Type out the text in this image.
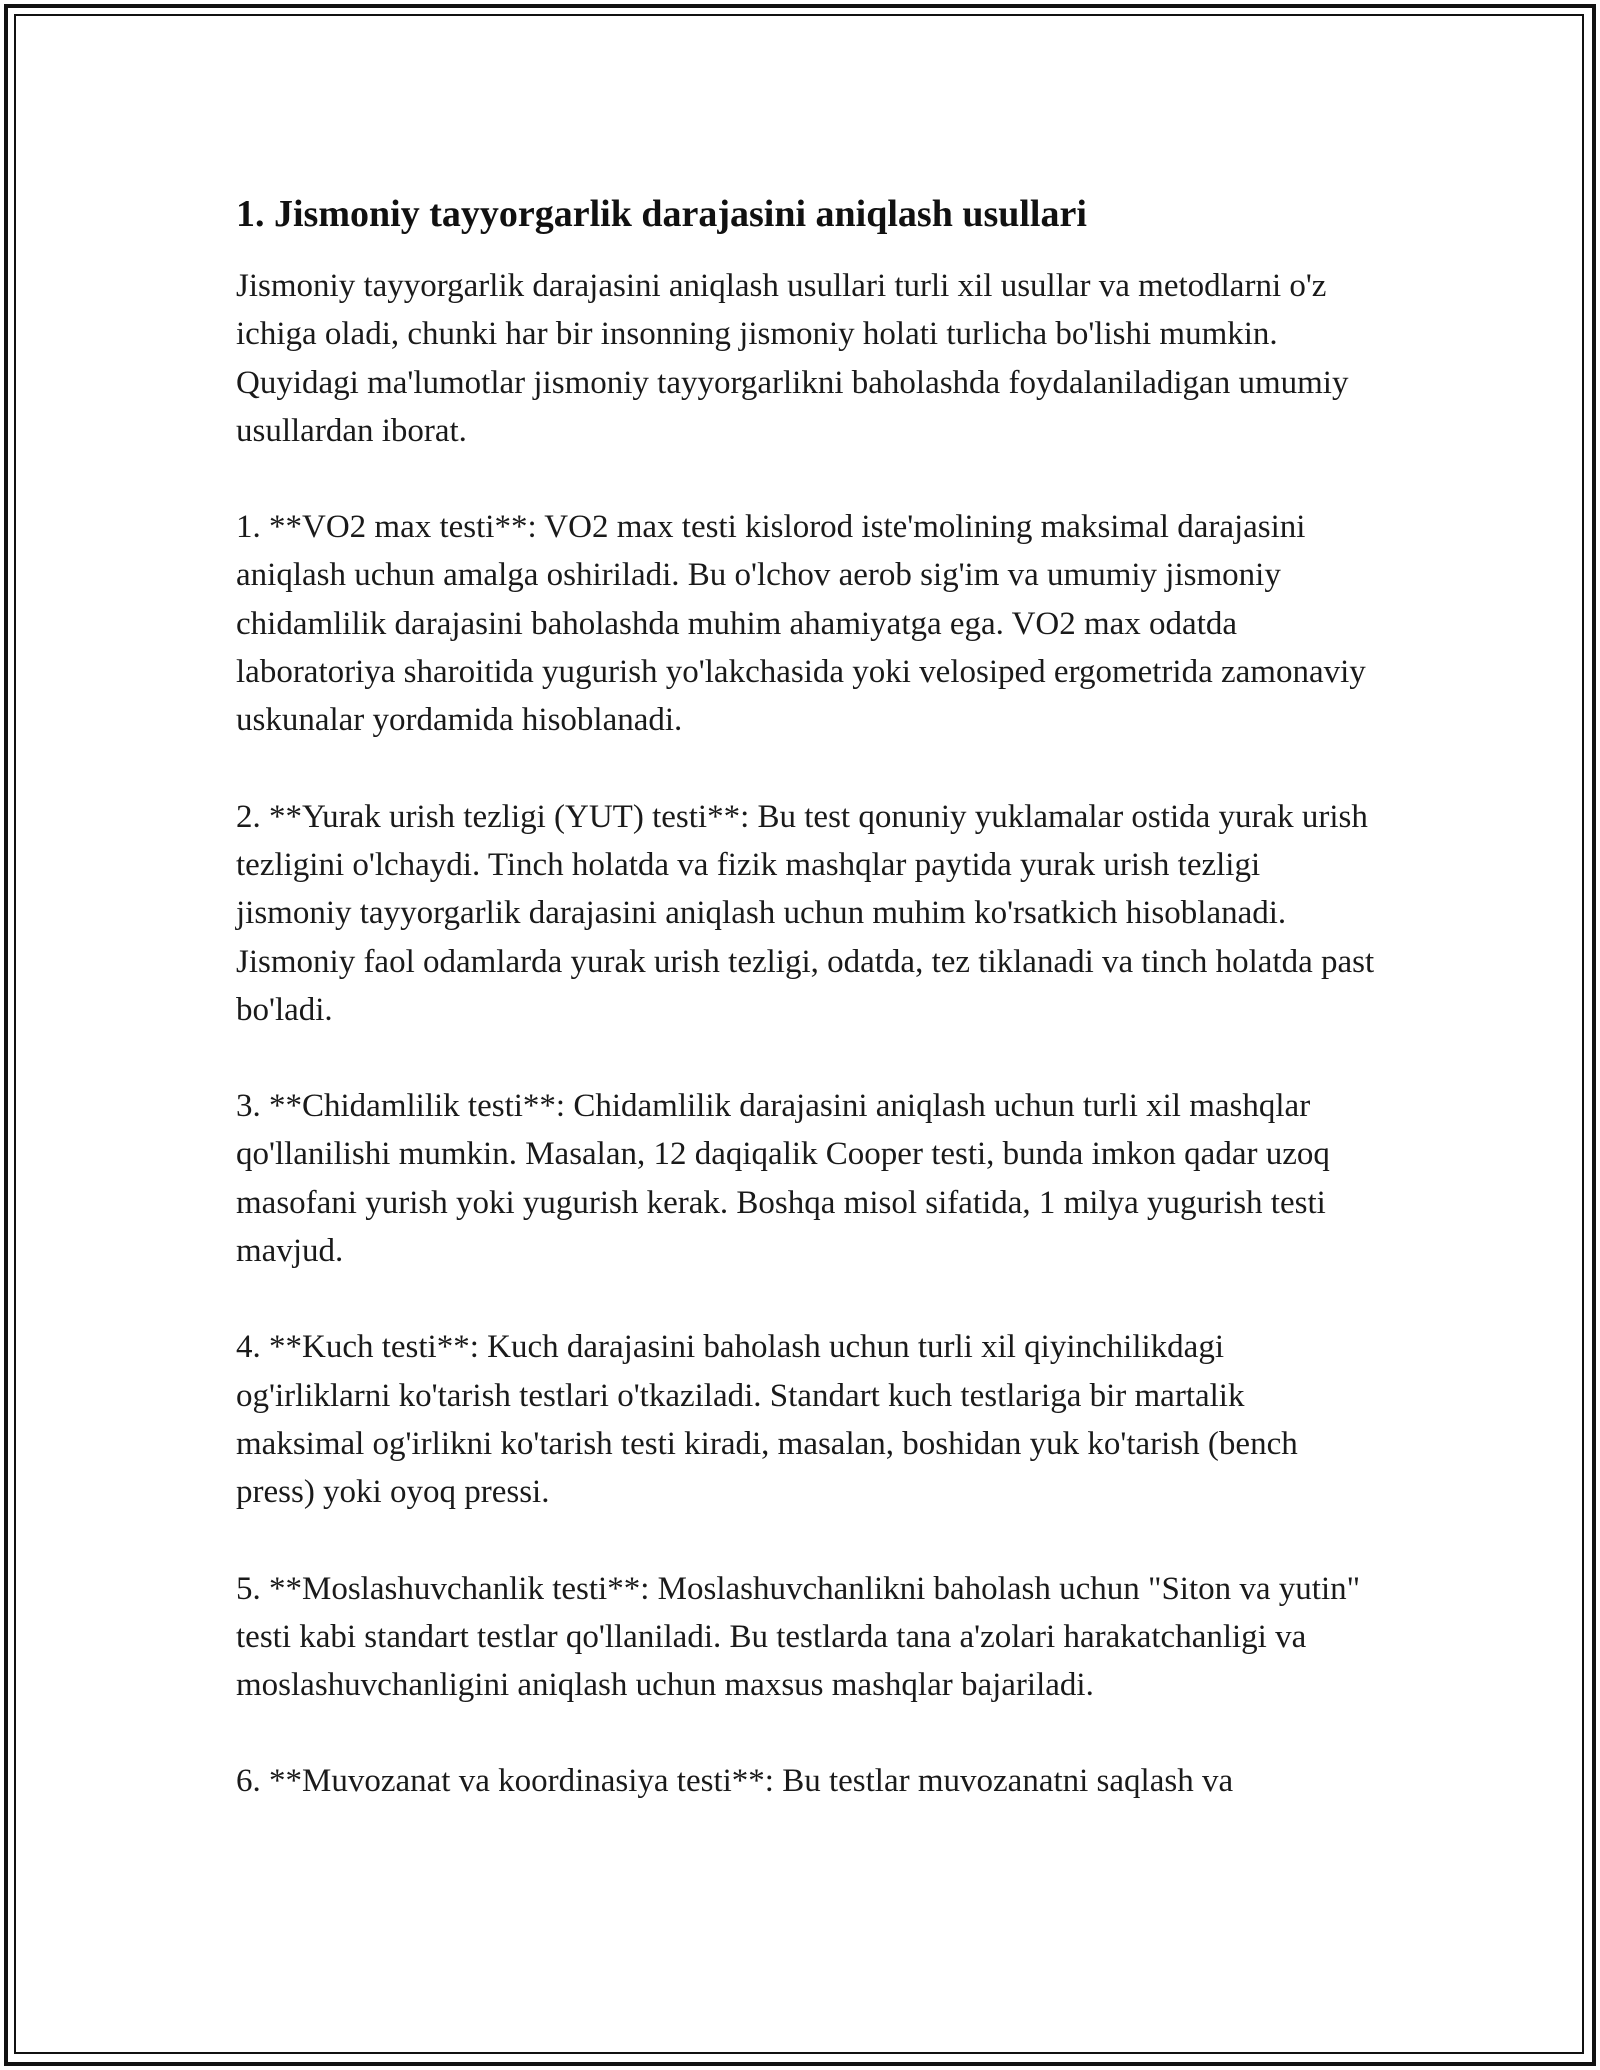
1. Jismoniy tayyorgarlik darajasini aniqlash usullari

Jismoniy tayyorgarlik darajasini aniqlash usullari turli xil usullar va metodlarni o'z ichiga oladi, chunki har bir insonning jismoniy holati turlicha bo'lishi mumkin. Quyidagi ma'lumotlar jismoniy tayyorgarlikni baholashda foydalaniladigan umumiy usullardan iborat.

1. **VO2 max testi**: VO2 max testi kislorod iste'molining maksimal darajasini aniqlash uchun amalga oshiriladi. Bu o'lchov aerob sig'im va umumiy jismoniy chidamlilik darajasini baholashda muhim ahamiyatga ega. VO2 max odatda laboratoriya sharoitida yugurish yo'lakchasida yoki velosiped ergometrida zamonaviy uskunalar yordamida hisoblanadi.

2. **Yurak urish tezligi (YUT) testi**: Bu test qonuniy yuklamalar ostida yurak urish tezligini o'lchaydi. Tinch holatda va fizik mashqlar paytida yurak urish tezligi jismoniy tayyorgarlik darajasini aniqlash uchun muhim ko'rsatkich hisoblanadi. Jismoniy faol odamlarda yurak urish tezligi, odatda, tez tiklanadi va tinch holatda past bo'ladi.

3. **Chidamlilik testi**: Chidamlilik darajasini aniqlash uchun turli xil mashqlar qo'llanilishi mumkin. Masalan, 12 daqiqalik Cooper testi, bunda imkon qadar uzoq masofani yurish yoki yugurish kerak. Boshqa misol sifatida, 1 milya yugurish testi mavjud.

4. **Kuch testi**: Kuch darajasini baholash uchun turli xil qiyinchilikdagi og'irliklarni ko'tarish testlari o'tkaziladi. Standart kuch testlariga bir martalik maksimal og'irlikni ko'tarish testi kiradi, masalan, boshidan yuk ko'tarish (bench press) yoki oyoq pressi.

5. **Moslashuvchanlik testi**: Moslashuvchanlikni baholash uchun "Siton va yutin" testi kabi standart testlar qo'llaniladi. Bu testlarda tana a'zolari harakatchanligi va moslashuvchanligini aniqlash uchun maxsus mashqlar bajariladi.

6. **Muvozanat va koordinasiya testi**: Bu testlar muvozanatni saqlash va
